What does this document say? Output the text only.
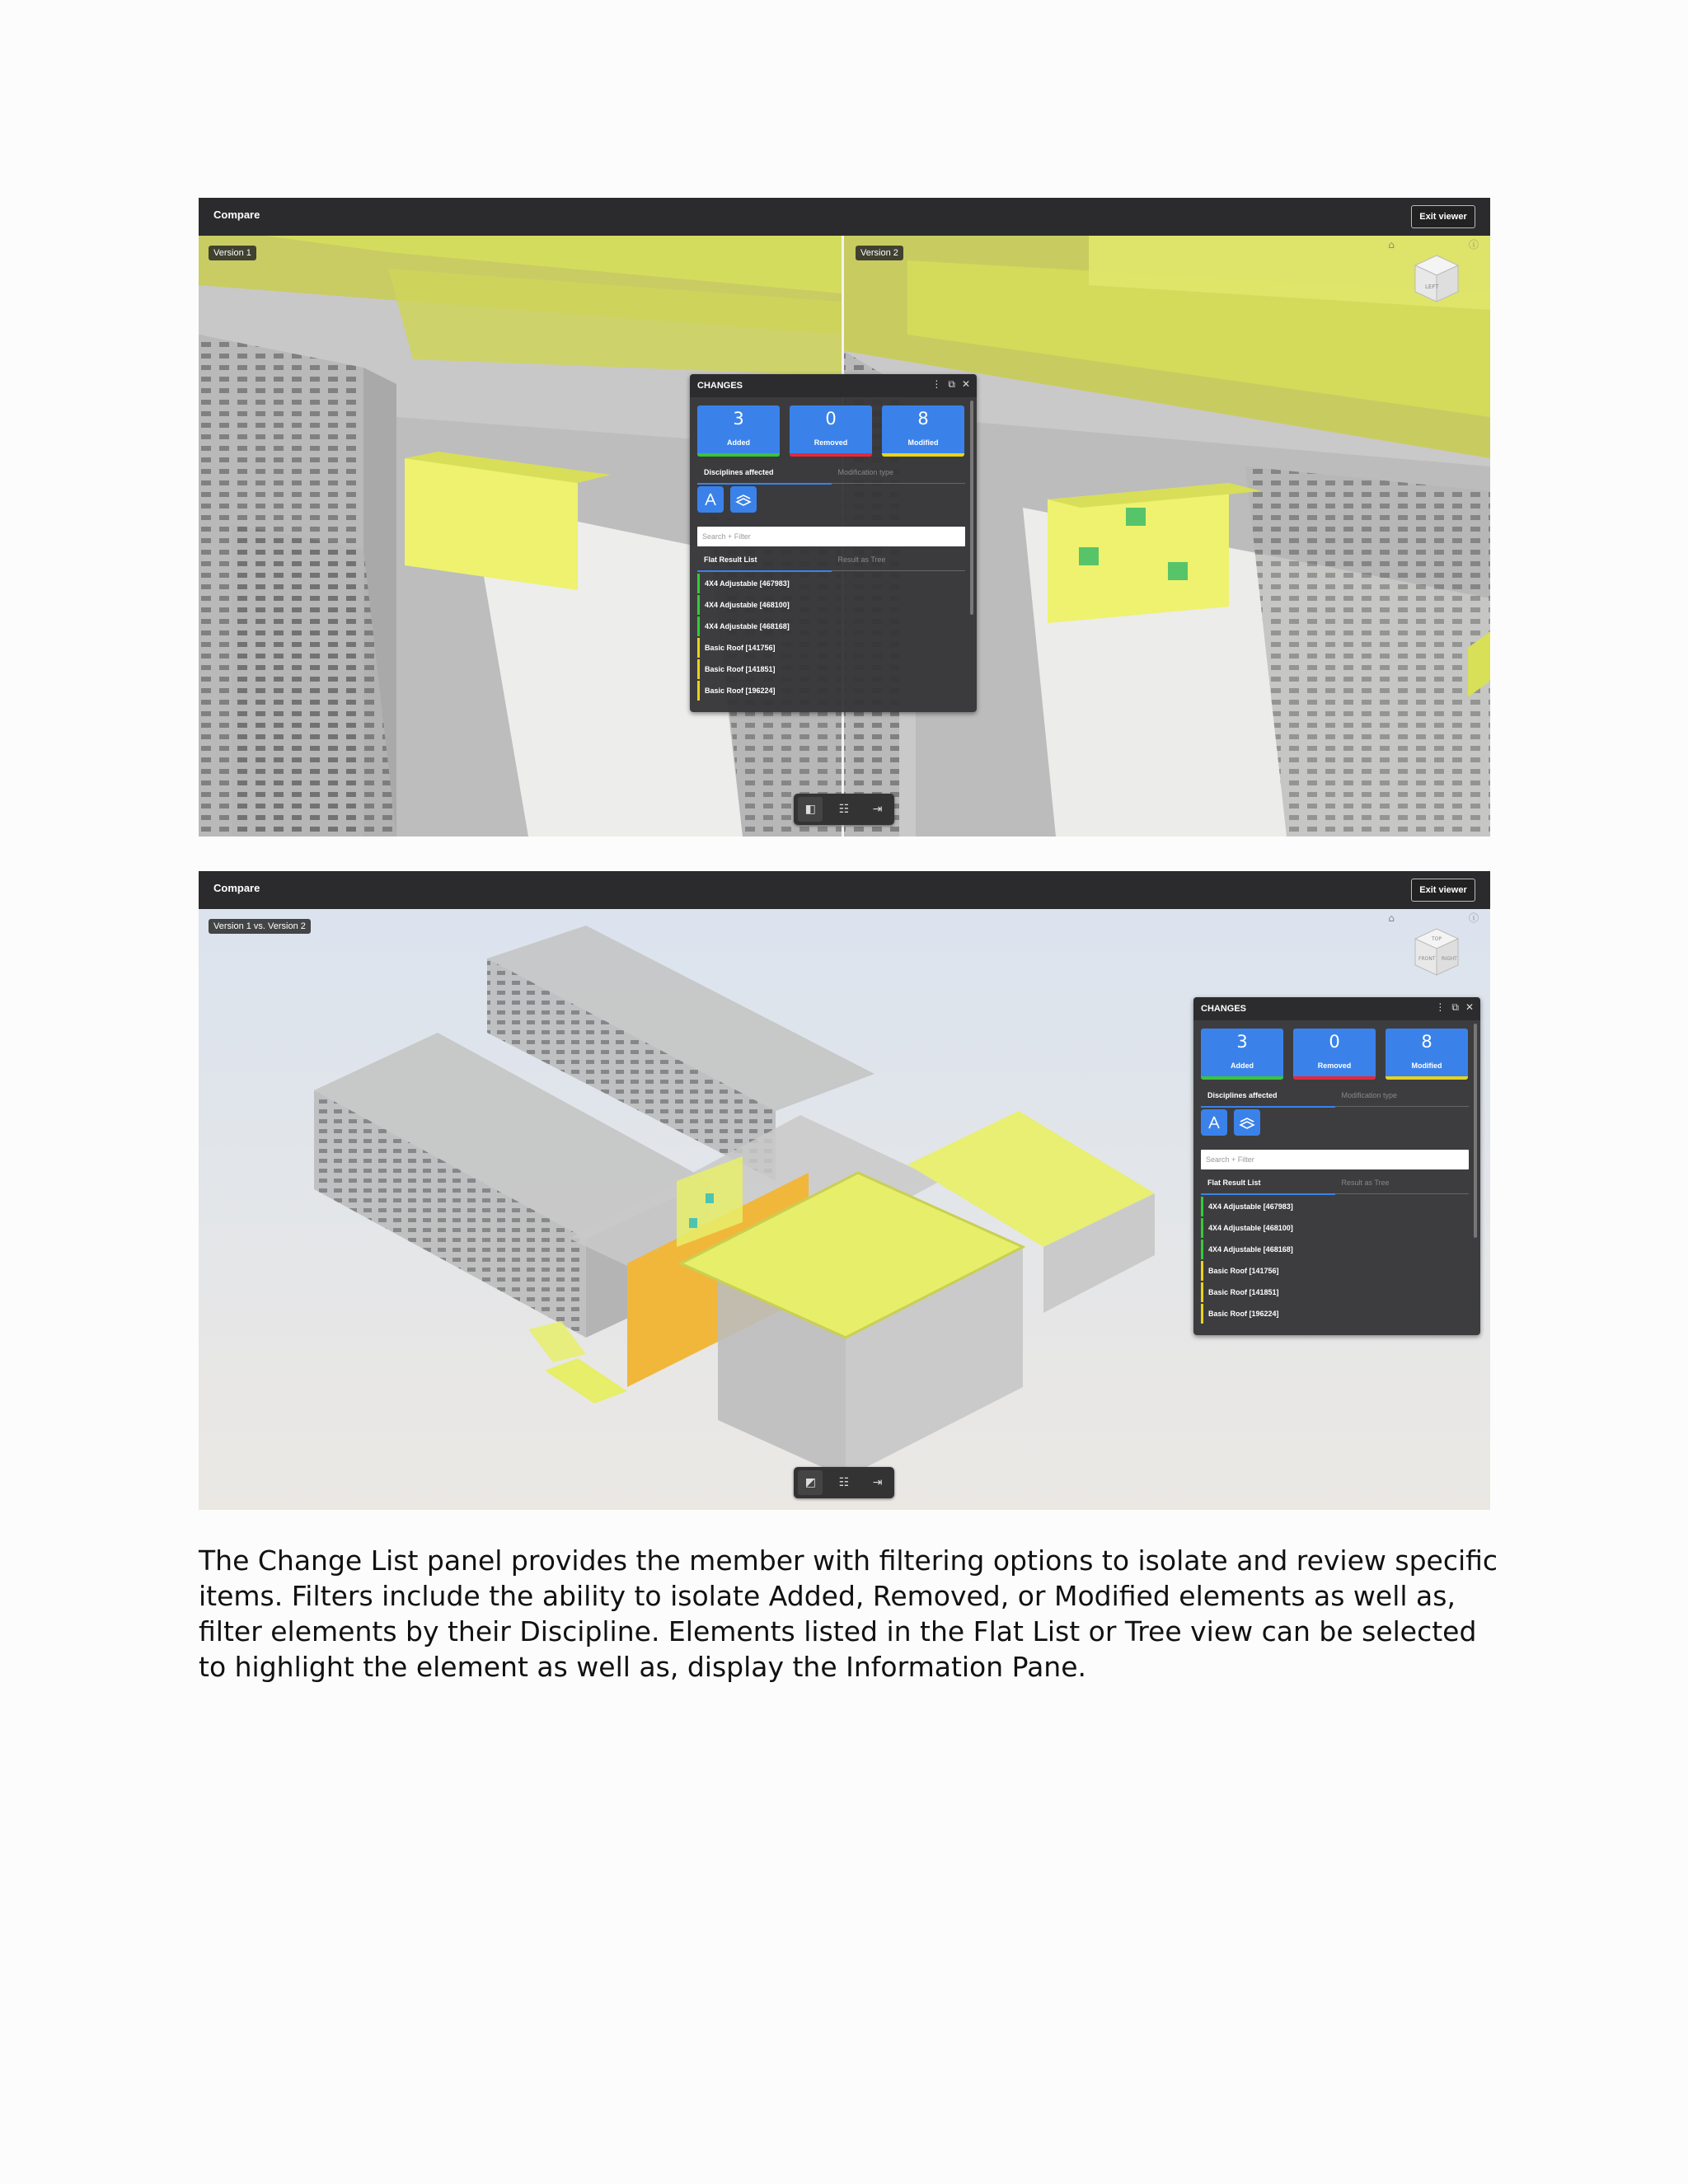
Compare	Exit viewer
Version 1	Version 2
⌂	ⓘ
LEFT
CHANGES	⋮ ⧉ ✕
3
Added
0
Removed
8
Modified
Disciplines affected	Modification type
Search + Filter
Flat Result List	Result as Tree
4X4 Adjustable [467983]
4X4 Adjustable [468100]
4X4 Adjustable [468168]
Basic Roof [141756]
Basic Roof [141851]
Basic Roof [196224]
◧	☷	⇥
Compare	Exit viewer
Version 1 vs. Version 2
⌂	ⓘ
TOP
FRONT RIGHT
CHANGES	⋮ ⧉ ✕
3
Added
0
Removed
8
Modified
Disciplines affected	Modification type
Search + Filter
Flat Result List	Result as Tree
4X4 Adjustable [467983]
4X4 Adjustable [468100]
4X4 Adjustable [468168]
Basic Roof [141756]
Basic Roof [141851]
Basic Roof [196224]
◩	☷	⇥

The Change List panel provides the member with filtering options to isolate and review specific items. Filters include the ability to isolate Added, Removed, or Modified elements as well as, filter elements by their Discipline. Elements listed in the Flat List or Tree view can be selected to highlight the element as well as, display the Information Pane.
